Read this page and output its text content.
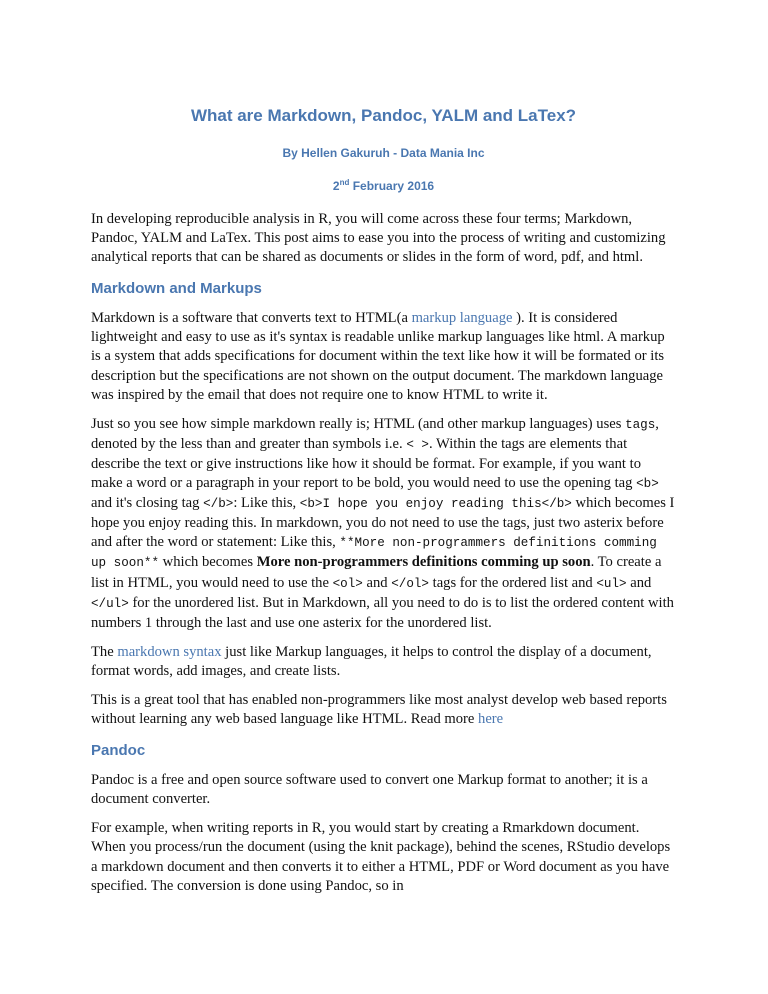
What are Markdown, Pandoc, YALM and LaTex?
By Hellen Gakuruh - Data Mania Inc
2nd February 2016

In developing reproducible analysis in R, you will come across these four terms; Markdown, Pandoc, YALM and LaTex. This post aims to ease you into the process of writing and customizing analytical reports that can be shared as documents or slides in the form of word, pdf, and html.

Markdown and Markups

Markdown is a software that converts text to HTML(a markup language ). It is considered lightweight and easy to use as it's syntax is readable unlike markup languages like html. A markup is a system that adds specifications for document within the text like how it will be formated or its description but the specifications are not shown on the output document. The markdown language was inspired by the email that does not require one to know HTML to write it.

Just so you see how simple markdown really is; HTML (and other markup languages) uses tags, denoted by the less than and greater than symbols i.e. < >. Within the tags are elements that describe the text or give instructions like how it should be format. For example, if you want to make a word or a paragraph in your report to be bold, you would need to use the opening tag <b> and it's closing tag </b>: Like this, <b>I hope you enjoy reading this</b> which becomes I hope you enjoy reading this. In markdown, you do not need to use the tags, just two asterix before and after the word or statement: Like this, **More non-programmers definitions comming up soon** which becomes More non-programmers definitions comming up soon. To create a list in HTML, you would need to use the <ol> and </ol> tags for the ordered list and <ul> and </ul> for the unordered list. But in Markdown, all you need to do is to list the ordered content with numbers 1 through the last and use one asterix for the unordered list.

The markdown syntax just like Markup languages, it helps to control the display of a document, format words, add images, and create lists.

This is a great tool that has enabled non-programmers like most analyst develop web based reports without learning any web based language like HTML. Read more here

Pandoc

Pandoc is a free and open source software used to convert one Markup format to another; it is a document converter.

For example, when writing reports in R, you would start by creating a Rmarkdown document. When you process/run the document (using the knit package), behind the scenes, RStudio develops a markdown document and then converts it to either a HTML, PDF or Word document as you have specified. The conversion is done using Pandoc, so in
